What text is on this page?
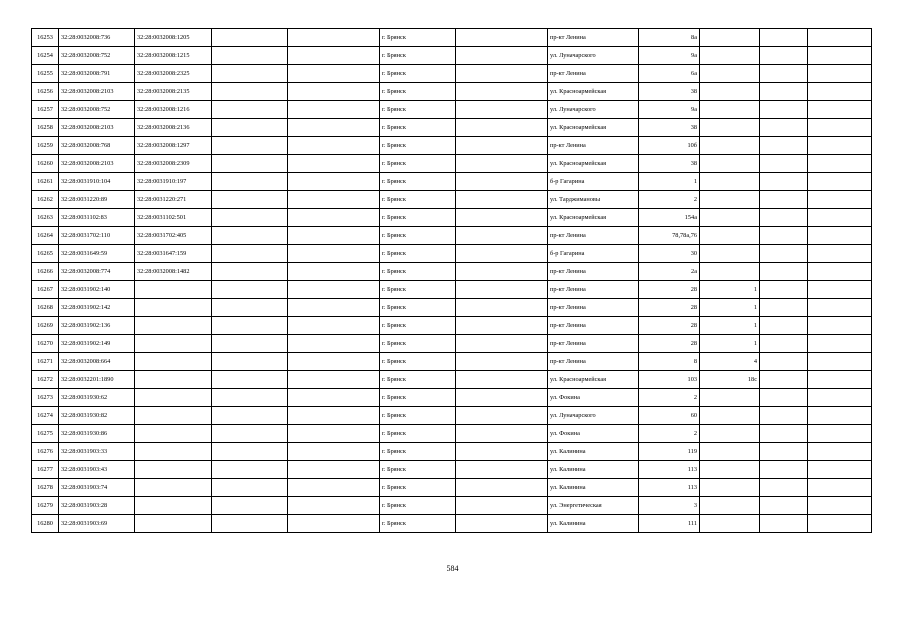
16253	32:28:0032008:736	32:28:0032008:1205			г. Брянск		пр-кт Ленина	8а			
16254	32:28:0032008:752	32:28:0032008:1215			г. Брянск		ул. Луначарского	9а			
16255	32:28:0032008:791	32:28:0032008:2325			г. Брянск		пр-кт Ленина	6а			
16256	32:28:0032008:2103	32:28:0032008:2135			г. Брянск		ул. Красноармейская	38			
16257	32:28:0032008:752	32:28:0032008:1216			г. Брянск		ул. Луначарского	9а			
16258	32:28:0032008:2103	32:28:0032008:2136			г. Брянск		ул. Красноармейская	38			
16259	32:28:0032008:768	32:28:0032008:1297			г. Брянск		пр-кт Ленина	10б			
16260	32:28:0032008:2103	32:28:0032008:2309			г. Брянск		ул. Красноармейская	38			
16261	32:28:0031910:104	32:28:0031910:197			г. Брянск		б-р Гагарина	1			
16262	32:28:0031220:89	32:28:0031220:271			г. Брянск		ул. Тарджимановы	2			
16263	32:28:0031102:83	32:28:0031102:501			г. Брянск		ул. Красноармейская	154а			
16264	32:28:0031702:110	32:28:0031702:405			г. Брянск		пр-кт Ленина	78,78а,76			
16265	32:28:0031649:59	32:28:0031647:159			г. Брянск		б-р Гагарина	30			
16266	32:28:0032008:774	32:28:0032008:1482			г. Брянск		пр-кт Ленина	2а			
16267	32:28:0031902:140				г. Брянск		пр-кт Ленина	28	1		
16268	32:28:0031902:142				г. Брянск		пр-кт Ленина	28	1		
16269	32:28:0031902:136				г. Брянск		пр-кт Ленина	28	1		
16270	32:28:0031902:149				г. Брянск		пр-кт Ленина	28	1		
16271	32:28:0032008:664				г. Брянск		пр-кт Ленина	8	4		
16272	32:28:0032201:1890				г. Брянск		ул. Красноармейская	103	18с		
16273	32:28:0031930:62				г. Брянск		ул. Фокина	2			
16274	32:28:0031930:82				г. Брянск		ул. Луначарского	60			
16275	32:28:0031930:86				г. Брянск		ул. Фокина	2			
16276	32:28:0031903:33				г. Брянск		ул. Калинина	119			
16277	32:28:0031903:43				г. Брянск		ул. Калинина	113			
16278	32:28:0031903:74				г. Брянск		ул. Калинина	113			
16279	32:28:0031903:28				г. Брянск		ул. Энергетическая	3			
16280	32:28:0031903:69				г. Брянск		ул. Калинина	111			
584
